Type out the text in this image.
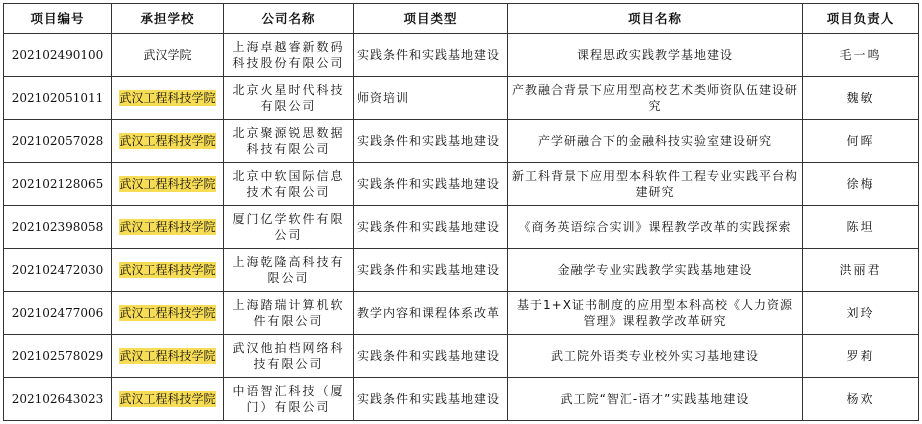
项目编号	承担学校	公司名称	项目类型	项目名称	项目负责人
202102490100	武汉学院	上海卓越睿新数码科技股份有限公司	实践条件和实践基地建设	课程思政实践教学基地建设	毛一鸣
202102051011	武汉工程科技学院	北京火星时代科技有限公司	师资培训	产教融合背景下应用型高校艺术类师资队伍建设研究	魏敏
202102057028	武汉工程科技学院	北京聚源锐思数据科技有限公司	实践条件和实践基地建设	产学研融合下的金融科技实验室建设研究	何晖
202102128065	武汉工程科技学院	北京中软国际信息技术有限公司	实践条件和实践基地建设	新工科背景下应用型本科软件工程专业实践平台构建研究	徐梅
202102398058	武汉工程科技学院	厦门亿学软件有限公司	实践条件和实践基地建设	《商务英语综合实训》课程教学改革的实践探索	陈坦
202102472030	武汉工程科技学院	上海乾隆高科技有限公司	实践条件和实践基地建设	金融学专业实践教学实践基地建设	洪丽君
202102477006	武汉工程科技学院	上海踏瑞计算机软件有限公司	教学内容和课程体系改革	基于1+X证书制度的应用型本科高校《人力资源管理》课程教学改革研究	刘玲
202102578029	武汉工程科技学院	武汉他拍档网络科技有限公司	实践条件和实践基地建设	武工院外语类专业校外实习基地建设	罗莉
202102643023	武汉工程科技学院	中语智汇科技（厦门）有限公司	实践条件和实践基地建设	武工院“智汇-语才”实践基地建设	杨欢
